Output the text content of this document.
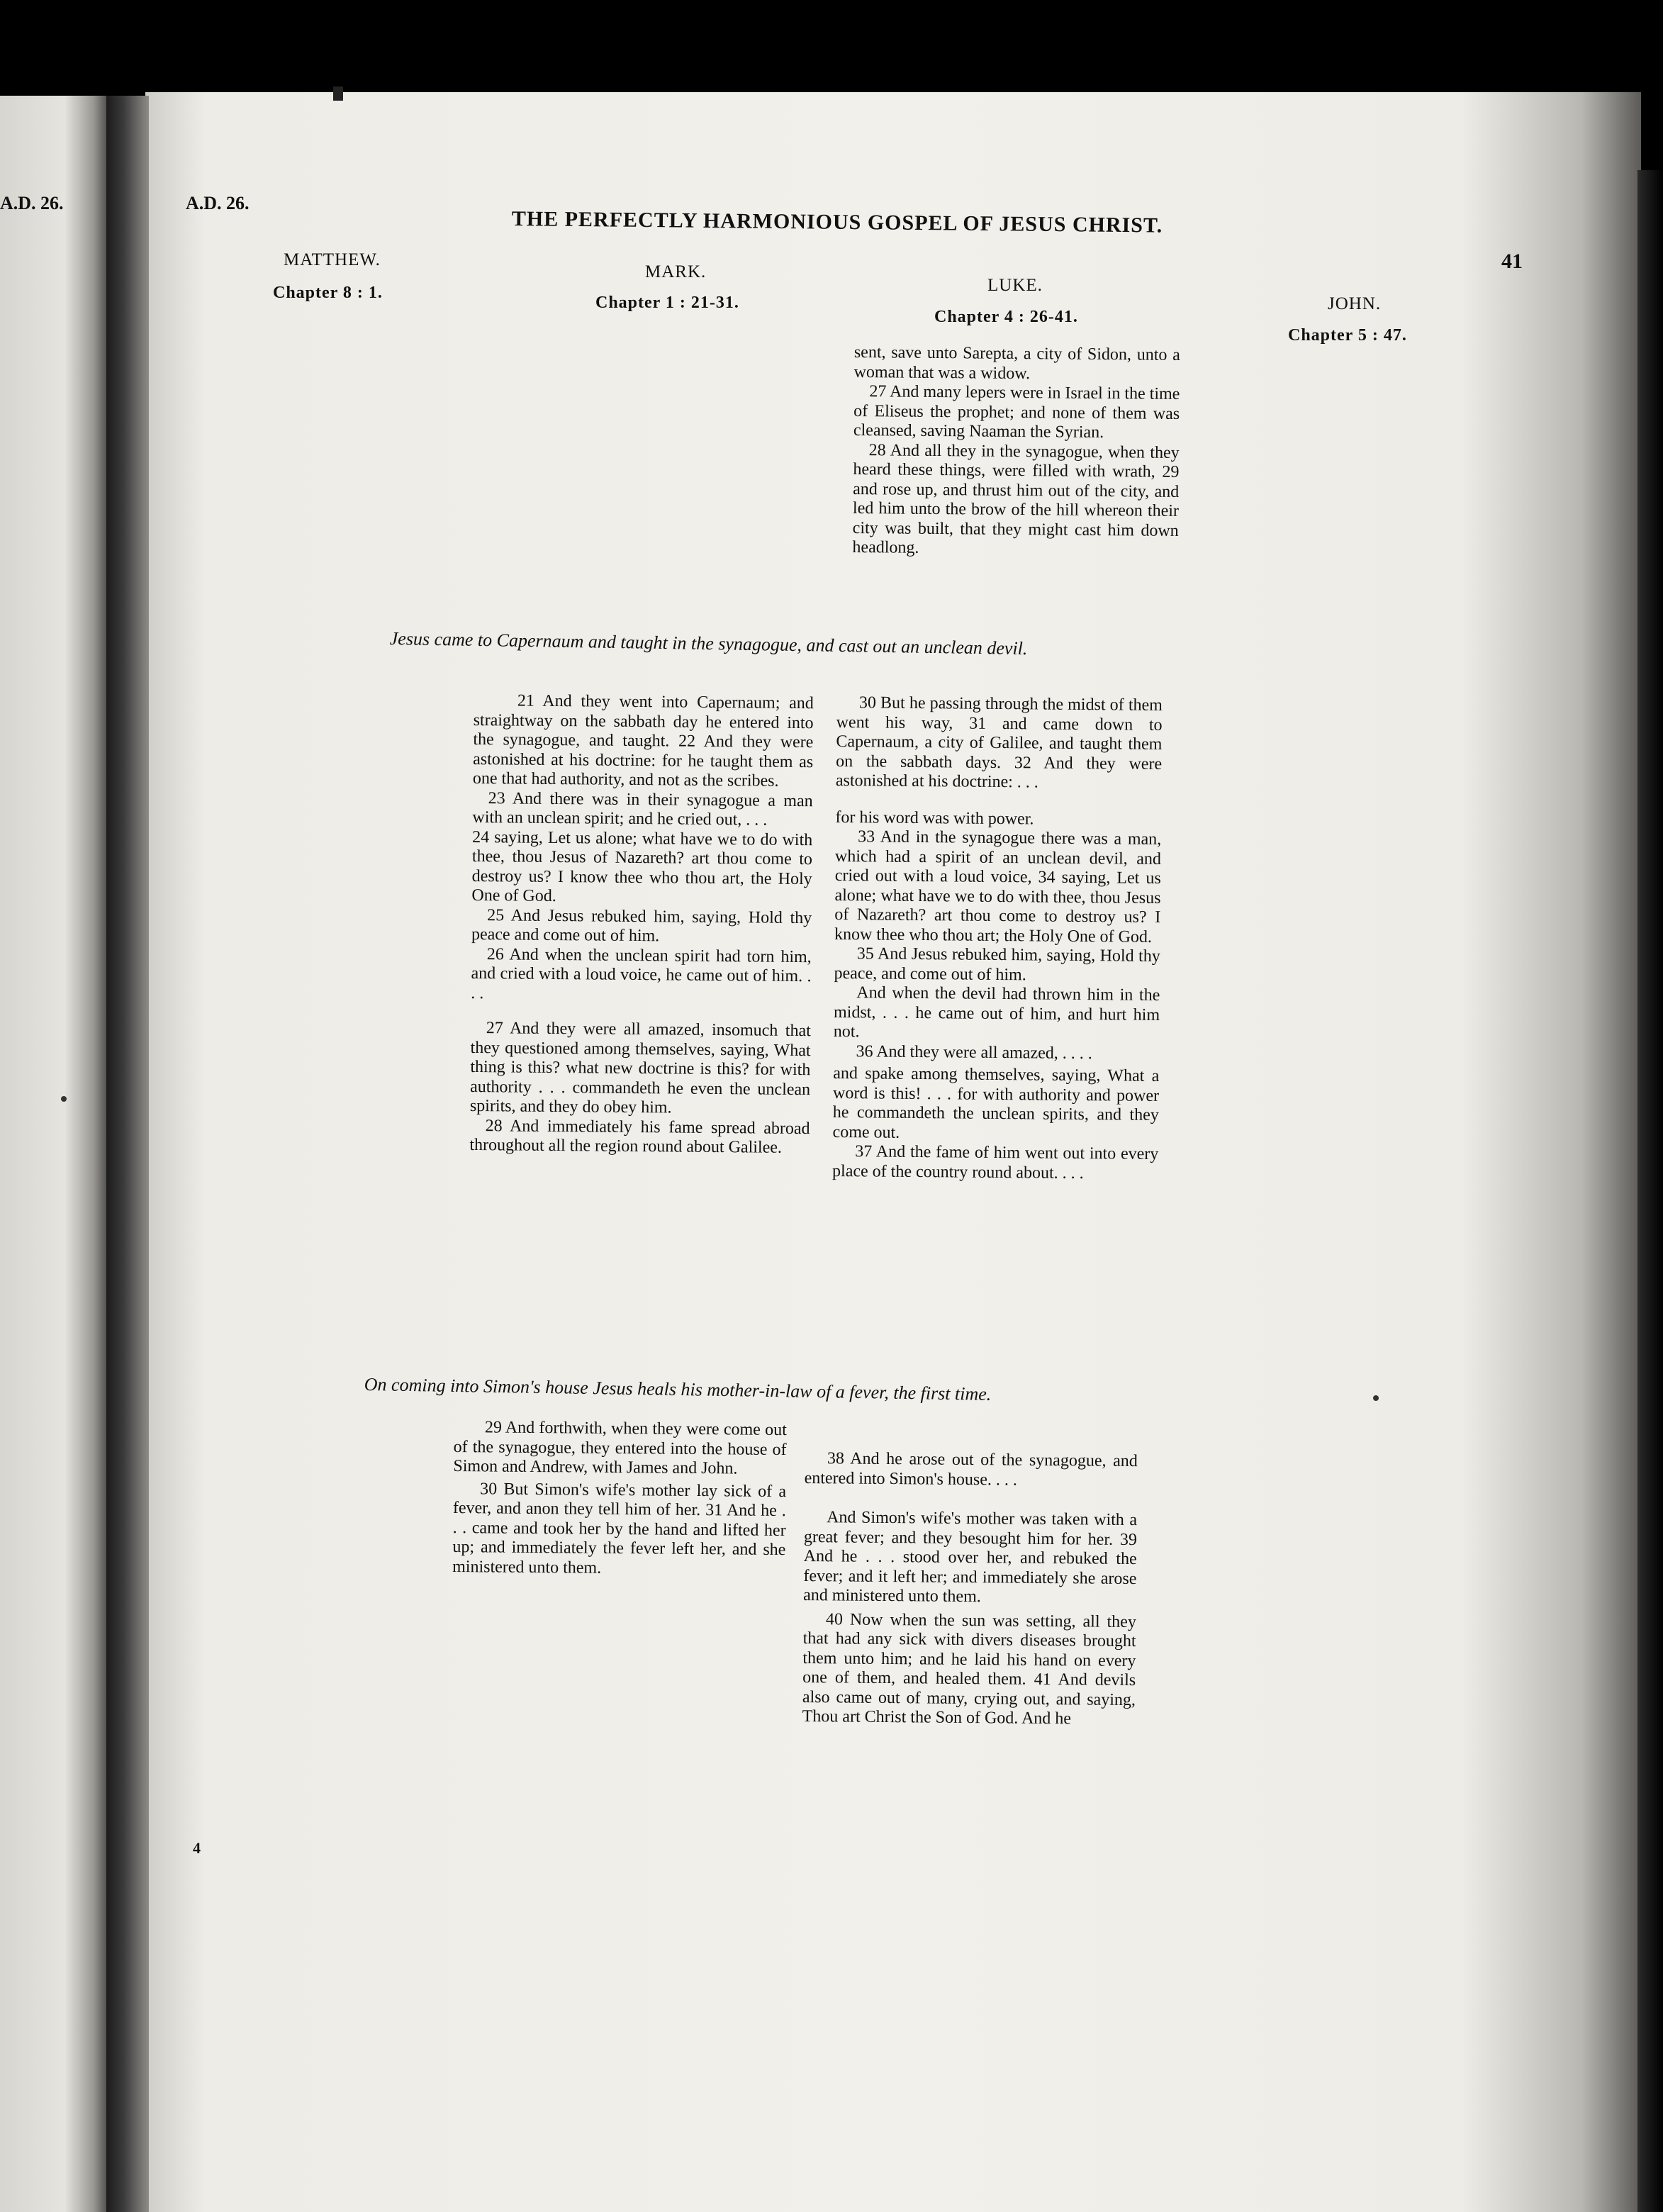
A.D. 26.	A.D. 26.
THE PERFECTLY HARMONIOUS GOSPEL OF JESUS CHRIST.
41
MATTHEW.
Chapter 8 : 1.
MARK.
Chapter 1 : 21-31.
LUKE.
Chapter 4 : 26-41.
JOHN.
Chapter 5 : 47.

sent, save unto Sarepta, a city of Sidon, unto a woman that was a widow.

27 And many lepers were in Israel in the time of Eliseus the prophet; and none of them was cleansed, saving Naaman the Syrian.

28 And all they in the synagogue, when they heard these things, were filled with wrath, 29 and rose up, and thrust him out of the city, and led him unto the brow of the hill whereon their city was built, that they might cast him down headlong.

Jesus came to Capernaum and taught in the synagogue, and cast out an unclean devil.

21 And they went into Capernaum; and straightway on the sabbath day he entered into the synagogue, and taught. 22 And they were astonished at his doctrine: for he taught them as one that had authority, and not as the scribes.

23 And there was in their synagogue a man with an unclean spirit; and he cried out, . . .

24 saying, Let us alone; what have we to do with thee, thou Jesus of Nazareth? art thou come to destroy us? I know thee who thou art, the Holy One of God.

25 And Jesus rebuked him, saying, Hold thy peace and come out of him.

26 And when the unclean spirit had torn him, and cried with a loud voice, he came out of him. . . .

27 And they were all amazed, insomuch that they questioned among themselves, saying, What thing is this? what new doctrine is this? for with authority . . . commandeth he even the unclean spirits, and they do obey him.

28 And immediately his fame spread abroad throughout all the region round about Galilee.

30 But he passing through the midst of them went his way, 31 and came down to Capernaum, a city of Galilee, and taught them on the sabbath days. 32 And they were astonished at his doctrine: . . .

for his word was with power.

33 And in the synagogue there was a man, which had a spirit of an unclean devil, and cried out with a loud voice, 34 saying, Let us alone; what have we to do with thee, thou Jesus of Nazareth? art thou come to destroy us? I know thee who thou art; the Holy One of God.

35 And Jesus rebuked him, saying, Hold thy peace, and come out of him.

And when the devil had thrown him in the midst, . . . he came out of him, and hurt him not.

36 And they were all amazed, . . . .

and spake among themselves, saying, What a word is this! . . . for with authority and power he commandeth the unclean spirits, and they come out.

37 And the fame of him went out into every place of the country round about. . . .

On coming into Simon's house Jesus heals his mother-in-law of a fever, the first time.

29 And forthwith, when they were come out of the synagogue, they entered into the house of Simon and Andrew, with James and John.

30 But Simon's wife's mother lay sick of a fever, and anon they tell him of her. 31 And he . . . came and took her by the hand and lifted her up; and immediately the fever left her, and she ministered unto them.

38 And he arose out of the synagogue, and entered into Simon's house. . . .

And Simon's wife's mother was taken with a great fever; and they besought him for her. 39 And he . . . stood over her, and rebuked the fever; and it left her; and immediately she arose and ministered unto them.

40 Now when the sun was setting, all they that had any sick with divers diseases brought them unto him; and he laid his hand on every one of them, and healed them. 41 And devils also came out of many, crying out, and saying, Thou art Christ the Son of God. And he

4
